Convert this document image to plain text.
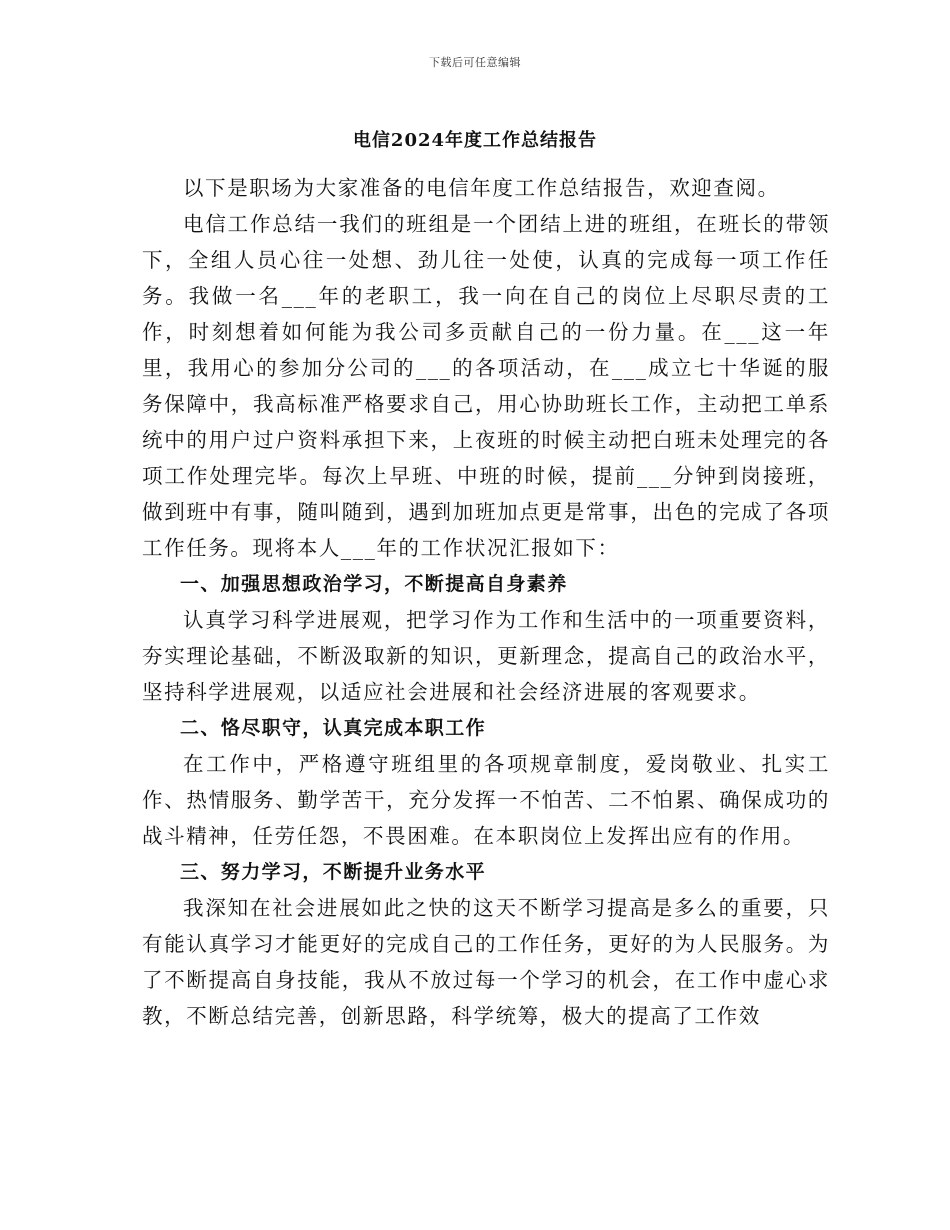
下载后可任意编辑
电信2024年度工作总结报告

以下是职场为大家准备的电信年度工作总结报告，欢迎查阅。

电信工作总结一我们的班组是一个团结上进的班组，在班长的带领下，全组人员心往一处想、劲儿往一处使，认真的完成每一项工作任务。我做一名___年的老职工，我一向在自己的岗位上尽职尽责的工作，时刻想着如何能为我公司多贡献自己的一份力量。在___这一年里，我用心的参加分公司的___的各项活动，在___成立七十华诞的服务保障中，我高标准严格要求自己，用心协助班长工作，主动把工单系统中的用户过户资料承担下来，上夜班的时候主动把白班未处理完的各项工作处理完毕。每次上早班、中班的时候，提前___分钟到岗接班，做到班中有事，随叫随到，遇到加班加点更是常事，出色的完成了各项工作任务。现将本人___年的工作状况汇报如下：

一、加强思想政治学习，不断提高自身素养

认真学习科学进展观，把学习作为工作和生活中的一项重要资料，夯实理论基础，不断汲取新的知识，更新理念，提高自己的政治水平，坚持科学进展观，以适应社会进展和社会经济进展的客观要求。

二、恪尽职守，认真完成本职工作

在工作中，严格遵守班组里的各项规章制度，爱岗敬业、扎实工作、热情服务、勤学苦干，充分发挥一不怕苦、二不怕累、确保成功的战斗精神，任劳任怨，不畏困难。在本职岗位上发挥出应有的作用。

三、努力学习，不断提升业务水平

我深知在社会进展如此之快的这天不断学习提高是多么的重要，只有能认真学习才能更好的完成自己的工作任务，更好的为人民服务。为了不断提高自身技能，我从不放过每一个学习的机会，在工作中虚心求教，不断总结完善，创新思路，科学统筹，极大的提高了工作效
